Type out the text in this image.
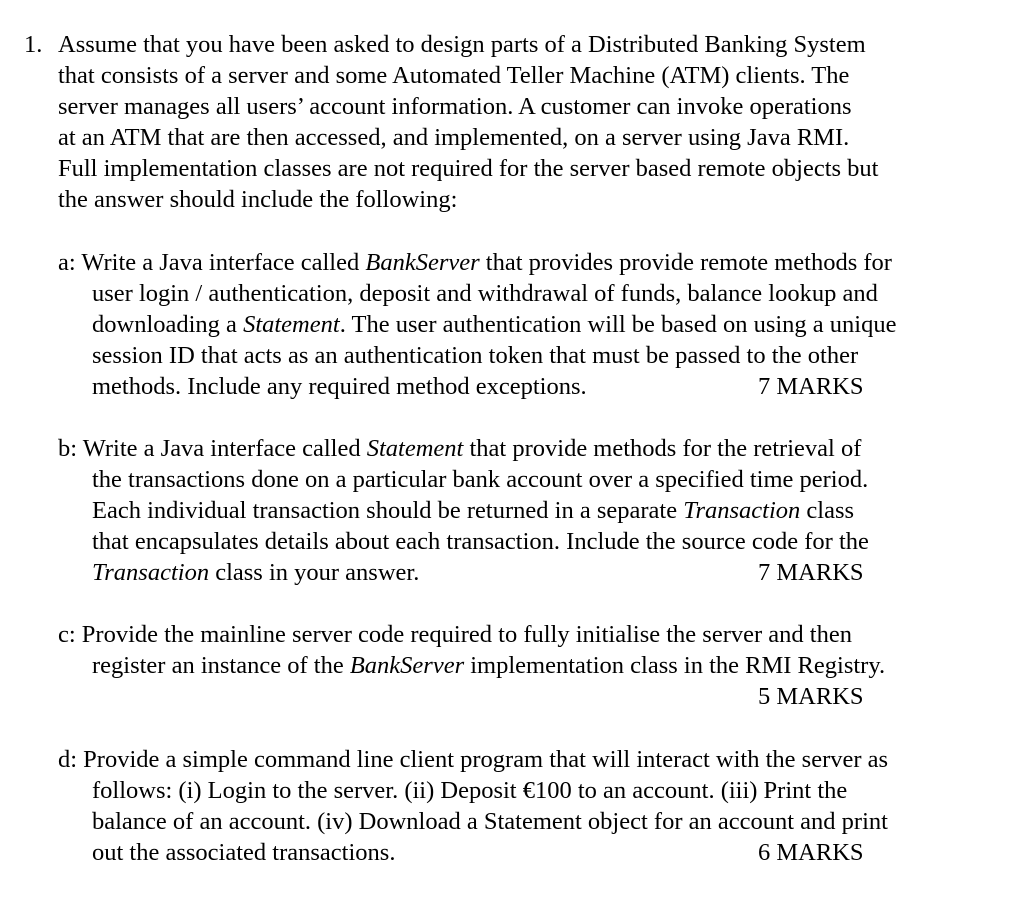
1. Assume that you have been asked to design parts of a Distributed Banking System
that consists of a server and some Automated Teller Machine (ATM) clients. The
server manages all users’ account information. A customer can invoke operations
at an ATM that are then accessed, and implemented, on a server using Java RMI.
Full implementation classes are not required for the server based remote objects but
the answer should include the following:
a: Write a Java interface called BankServer that provides provide remote methods for
user login / authentication, deposit and withdrawal of funds, balance lookup and
downloading a Statement. The user authentication will be based on using a unique
session ID that acts as an authentication token that must be passed to the other
methods. Include any required method exceptions.	7 MARKS
b: Write a Java interface called Statement that provide methods for the retrieval of
the transactions done on a particular bank account over a specified time period.
Each individual transaction should be returned in a separate Transaction class
that encapsulates details about each transaction. Include the source code for the
Transaction class in your answer.	7 MARKS
c: Provide the mainline server code required to fully initialise the server and then
register an instance of the BankServer implementation class in the RMI Registry.

5 MARKS
d: Provide a simple command line client program that will interact with the server as
follows: (i) Login to the server. (ii) Deposit €100 to an account. (iii) Print the
balance of an account. (iv) Download a Statement object for an account and print
out the associated transactions.	6 MARKS
